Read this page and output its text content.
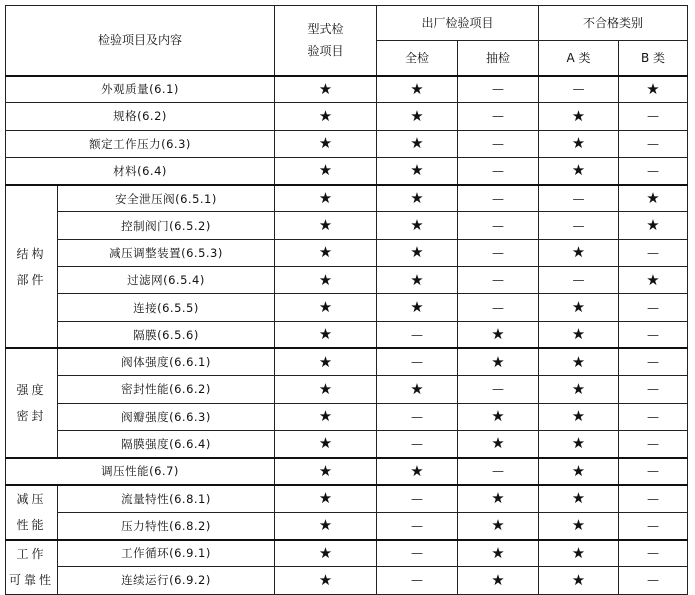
检验项目及内容		型式检
验项目	出厂检验项目		不合格类别	
			全检	抽检	A 类	B 类
外观质量(6.1)		★	★	—	—	★
规格(6.2)		★	★	—	★	—
额定工作压力(6.3)		★	★	—	★	—
材料(6.4)		★	★	—	★	—

结构
部件	安全泄压阀(6.5.1)	★	★	—	—	★
	控制阀门(6.5.2)	★	★	—	—	★
	减压调整装置(6.5.3)	★	★	—	★	—
	过滤网(6.5.4)	★	★	—	—	★
	连接(6.5.5)	★	★	—	★	—
	隔膜(6.5.6)	★	—	★	★	—

强度
密封	阀体强度(6.6.1)	★	—	★	★	—
	密封性能(6.6.2)	★	★	—	★	—
	阀瓣强度(6.6.3)	★	—	★	★	—
	隔膜强度(6.6.4)	★	—	★	★	—
调压性能(6.7)		★	★	—	★	—

减压
性能	流量特性(6.8.1)	★	—	★	★	—
	压力特性(6.8.2)	★	—	★	★	—

工作
可靠性	工作循环(6.9.1)	★	—	★	★	—
	连续运行(6.9.2)	★	—	★	★	—
